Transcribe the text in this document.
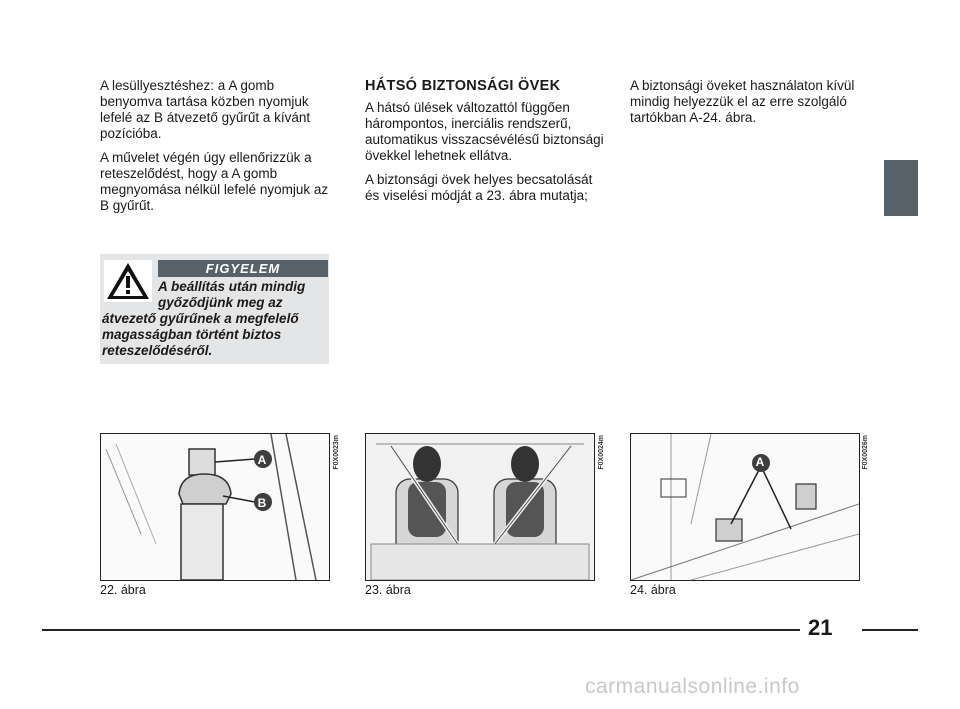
A lesüllyesztéshez: a A gomb benyomva tartása közben nyomjuk lefelé az B átvezető gyűrűt a kívánt pozícióba.

A művelet végén úgy ellenőrizzük a reteszelődést, hogy a A gomb megnyomása nélkül lefelé nyomjuk az B gyűrűt.

HÁTSÓ BIZTONSÁGI ÖVEK

A hátsó ülések változattól függően hárompontos, inerciális rendszerű, automatikus visszacsévélésű biztonsági övekkel lehetnek ellátva.

A biztonsági övek helyes becsatolását és viselési módját a 23. ábra mutatja;

A biztonsági öveket használaton kívül mindig helyezzük el az erre szolgáló tartókban A-24. ábra.

FIGYELEM
A beállítás után mindig
győződjünk meg az
átvezető gyűrűnek a megfelelő magasságban történt biztos reteszelődéséről.
A
B
F0X0023m
22. ábra
F0X0024m
23. ábra
A	F0X0026m
24. ábra
21
carmanualsonline.info
